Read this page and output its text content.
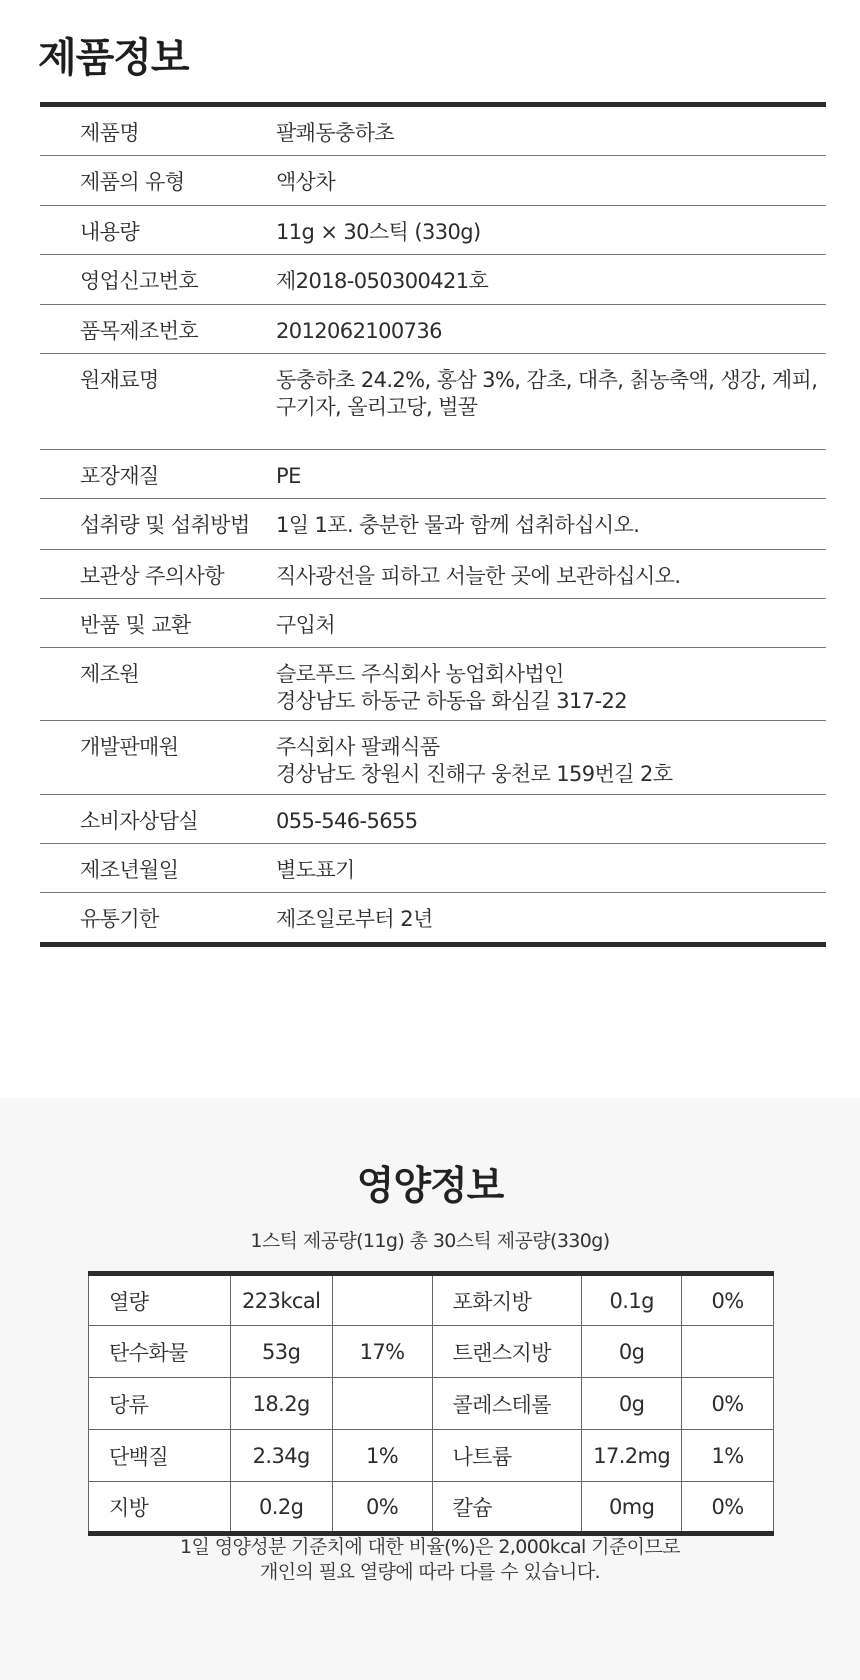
제품정보
제품명	팔쾌동충하초
제품의 유형	액상차
내용량	11g × 30스틱 (330g)
영업신고번호	제2018-050300421호
품목제조번호	2012062100736
원재료명	동충하초 24.2%, 홍삼 3%, 감초, 대추, 칡농축액, 생강, 계피,
구기자, 올리고당, 벌꿀
포장재질	PE
섭취량 및 섭취방법	1일 1포. 충분한 물과 함께 섭취하십시오.
보관상 주의사항	직사광선을 피하고 서늘한 곳에 보관하십시오.
반품 및 교환	구입처
제조원	슬로푸드 주식회사 농업회사법인
경상남도 하동군 하동읍 화심길 317-22
개발판매원	주식회사 팔쾌식품
경상남도 창원시 진해구 웅천로 159번길 2호
소비자상담실	055-546-5655
제조년월일	별도표기
유통기한	제조일로부터 2년
영양정보
1스틱 제공량(11g) 총 30스틱 제공량(330g)
열량	223kcal		포화지방	0.1g	0%
탄수화물	53g	17%	트랜스지방	0g	
당류	18.2g		콜레스테롤	0g	0%
단백질	2.34g	1%	나트륨	17.2mg	1%
지방	0.2g	0%	칼슘	0mg	0%
1일 영양성분 기준치에 대한 비율(%)은 2,000kcal 기준이므로
개인의 필요 열량에 따라 다를 수 있습니다.
